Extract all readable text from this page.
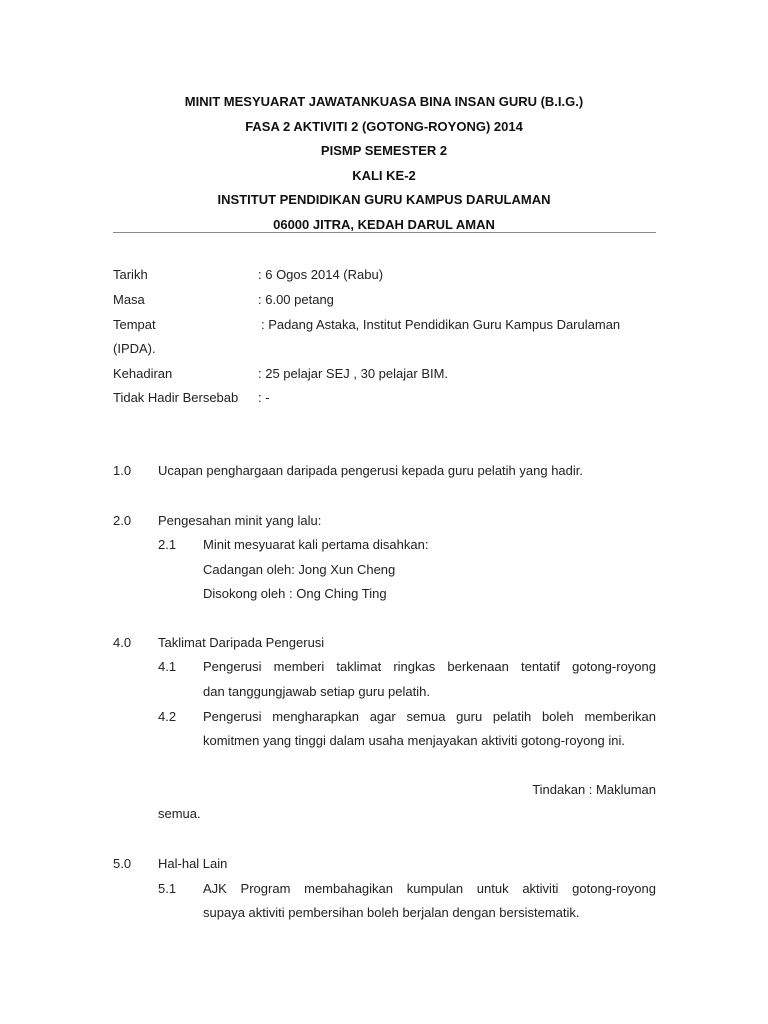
MINIT MESYUARAT JAWATANKUASA BINA INSAN GURU (B.I.G.)
FASA 2 AKTIVITI 2 (GOTONG-ROYONG) 2014
PISMP SEMESTER 2
KALI KE-2
INSTITUT PENDIDIKAN GURU KAMPUS DARULAMAN
06000 JITRA, KEDAH DARUL AMAN
Tarikh	: 6 Ogos 2014 (Rabu)
Masa	: 6.00 petang
Tempat	: Padang Astaka, Institut Pendidikan Guru Kampus Darulaman
(IPDA).
Kehadiran	: 25 pelajar SEJ , 30 pelajar BIM.
Tidak Hadir Bersebab : -
1.0 Ucapan penghargaan daripada pengerusi kepada guru pelatih yang hadir.
2.0 Pengesahan minit yang lalu:
2.1 Minit mesyuarat kali pertama disahkan:
Cadangan oleh: Jong Xun Cheng
Disokong oleh : Ong Ching Ting
4.0 Taklimat Daripada Pengerusi
4.1 Pengerusi memberi taklimat ringkas berkenaan tentatif gotong-royong
dan tanggungjawab setiap guru pelatih.
4.2 Pengerusi mengharapkan agar semua guru pelatih boleh memberikan
komitmen yang tinggi dalam usaha menjayakan aktiviti gotong-royong ini.
Tindakan : Makluman
semua.
5.0 Hal-hal Lain
5.1 AJK Program membahagikan kumpulan untuk aktiviti gotong-royong
supaya aktiviti pembersihan boleh berjalan dengan bersistematik.
